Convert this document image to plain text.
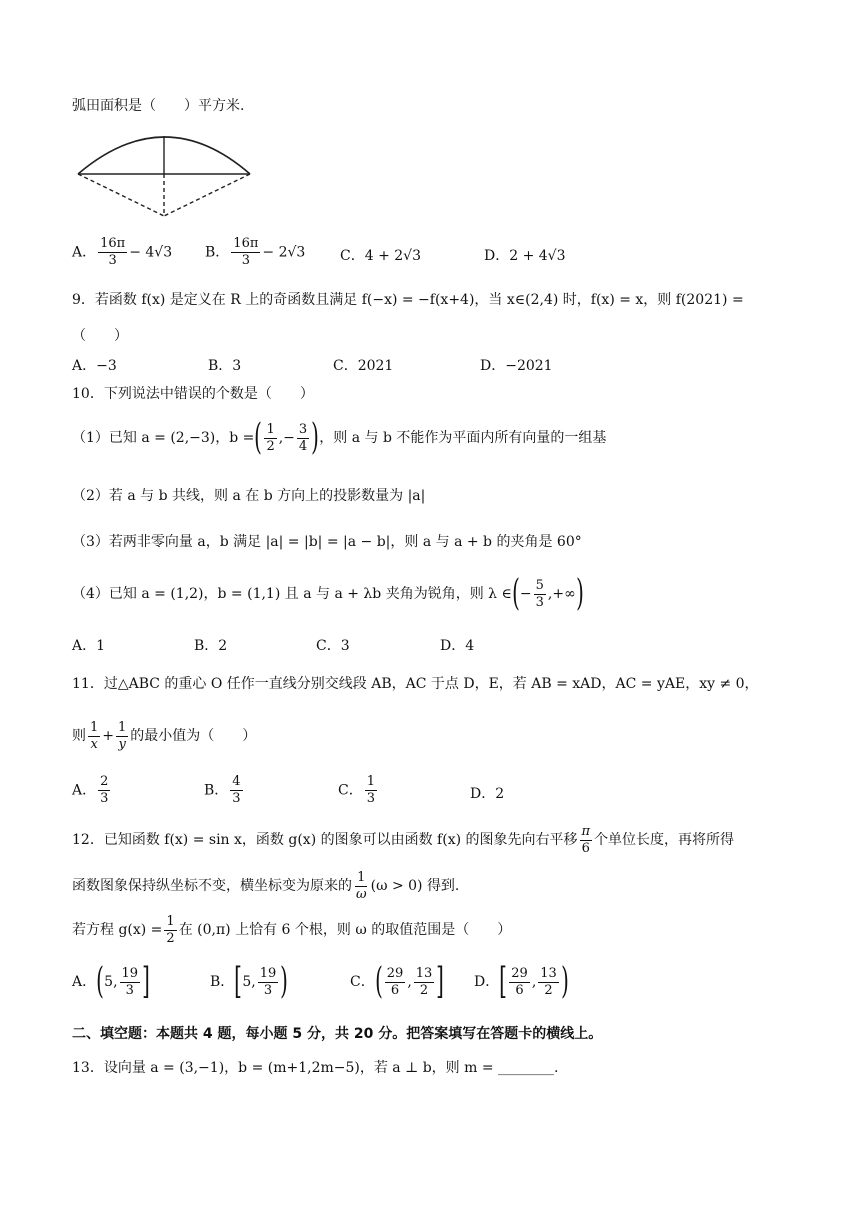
弧田面积是（　　）平方米.
A． $\frac{16\pi}{3} - 4√3$ B． $\frac{16\pi}{3} - 2√3$ C．4 + 2√3	D．2 + 4√3
9．若函数 f(x) 是定义在 R 上的奇函数且满足 f(−x) = −f(x+4)，当 x∈(2,4) 时，f(x) = x，则 f(2021) =
（　　）
A．−3	B．3	C．2021	D．−2021
10．下列说法中错误的个数是（　　）
（1）已知 a = (2,−3)，b =( $\frac{1}{2}$ ,− $\frac{3}{4}$ )，则 a 与 b 不能作为平面内所有向量的一组基
（2）若 a 与 b 共线，则 a 在 b 方向上的投影数量为 |a|
（3）若两非零向量 a，b 满足 |a| = |b| = |a − b|，则 a 与 a + b 的夹角是 60°
（4）已知 a = (1,2)，b = (1,1) 且 a 与 a + λb 夹角为锐角，则 λ ∈(− $\frac{5}{3}$ ,+∞)
A．1	B．2	C．3	D．4
11．过△ABC 的重心 O 任作一直线分别交线段 AB，AC 于点 D，E，若 AB = xAD，AC = yAE，xy ≠ 0，
则 $\frac{1}{x} + \frac{1}{y}$ 的最小值为（　　）
A． $\frac{2}{3}$	B． $\frac{4}{3}$	C． $\frac{1}{3}$	D．2
12．已知函数 f(x) = sin x，函数 g(x) 的图象可以由函数 f(x) 的图象先向右平移 $\frac{\pi}{6}$ 个单位长度，再将所得
函数图象保持纵坐标不变，横坐标变为原来的 $\frac{1}{\omega} (\omega > 0)$ 得到.
若方程 $g(x) = \frac{1}{2}$ 在 (0,π) 上恰有 6 个根，则 ω 的取值范围是（　　）
A．(5, $\frac{19}{3}$ ]	B．[5, $\frac{19}{3}$ )	C．( $\frac{29}{6}$ , $\frac{13}{2}$ ] D．[ $\frac{29}{6}$ , $\frac{13}{2}$ )
二、填空题：本题共 4 题，每小题 5 分，共 20 分。把答案填写在答题卡的横线上。
13．设向量 a = (3,−1)，b = (m+1,2m−5)，若 a ⊥ b，则 m = ________.
